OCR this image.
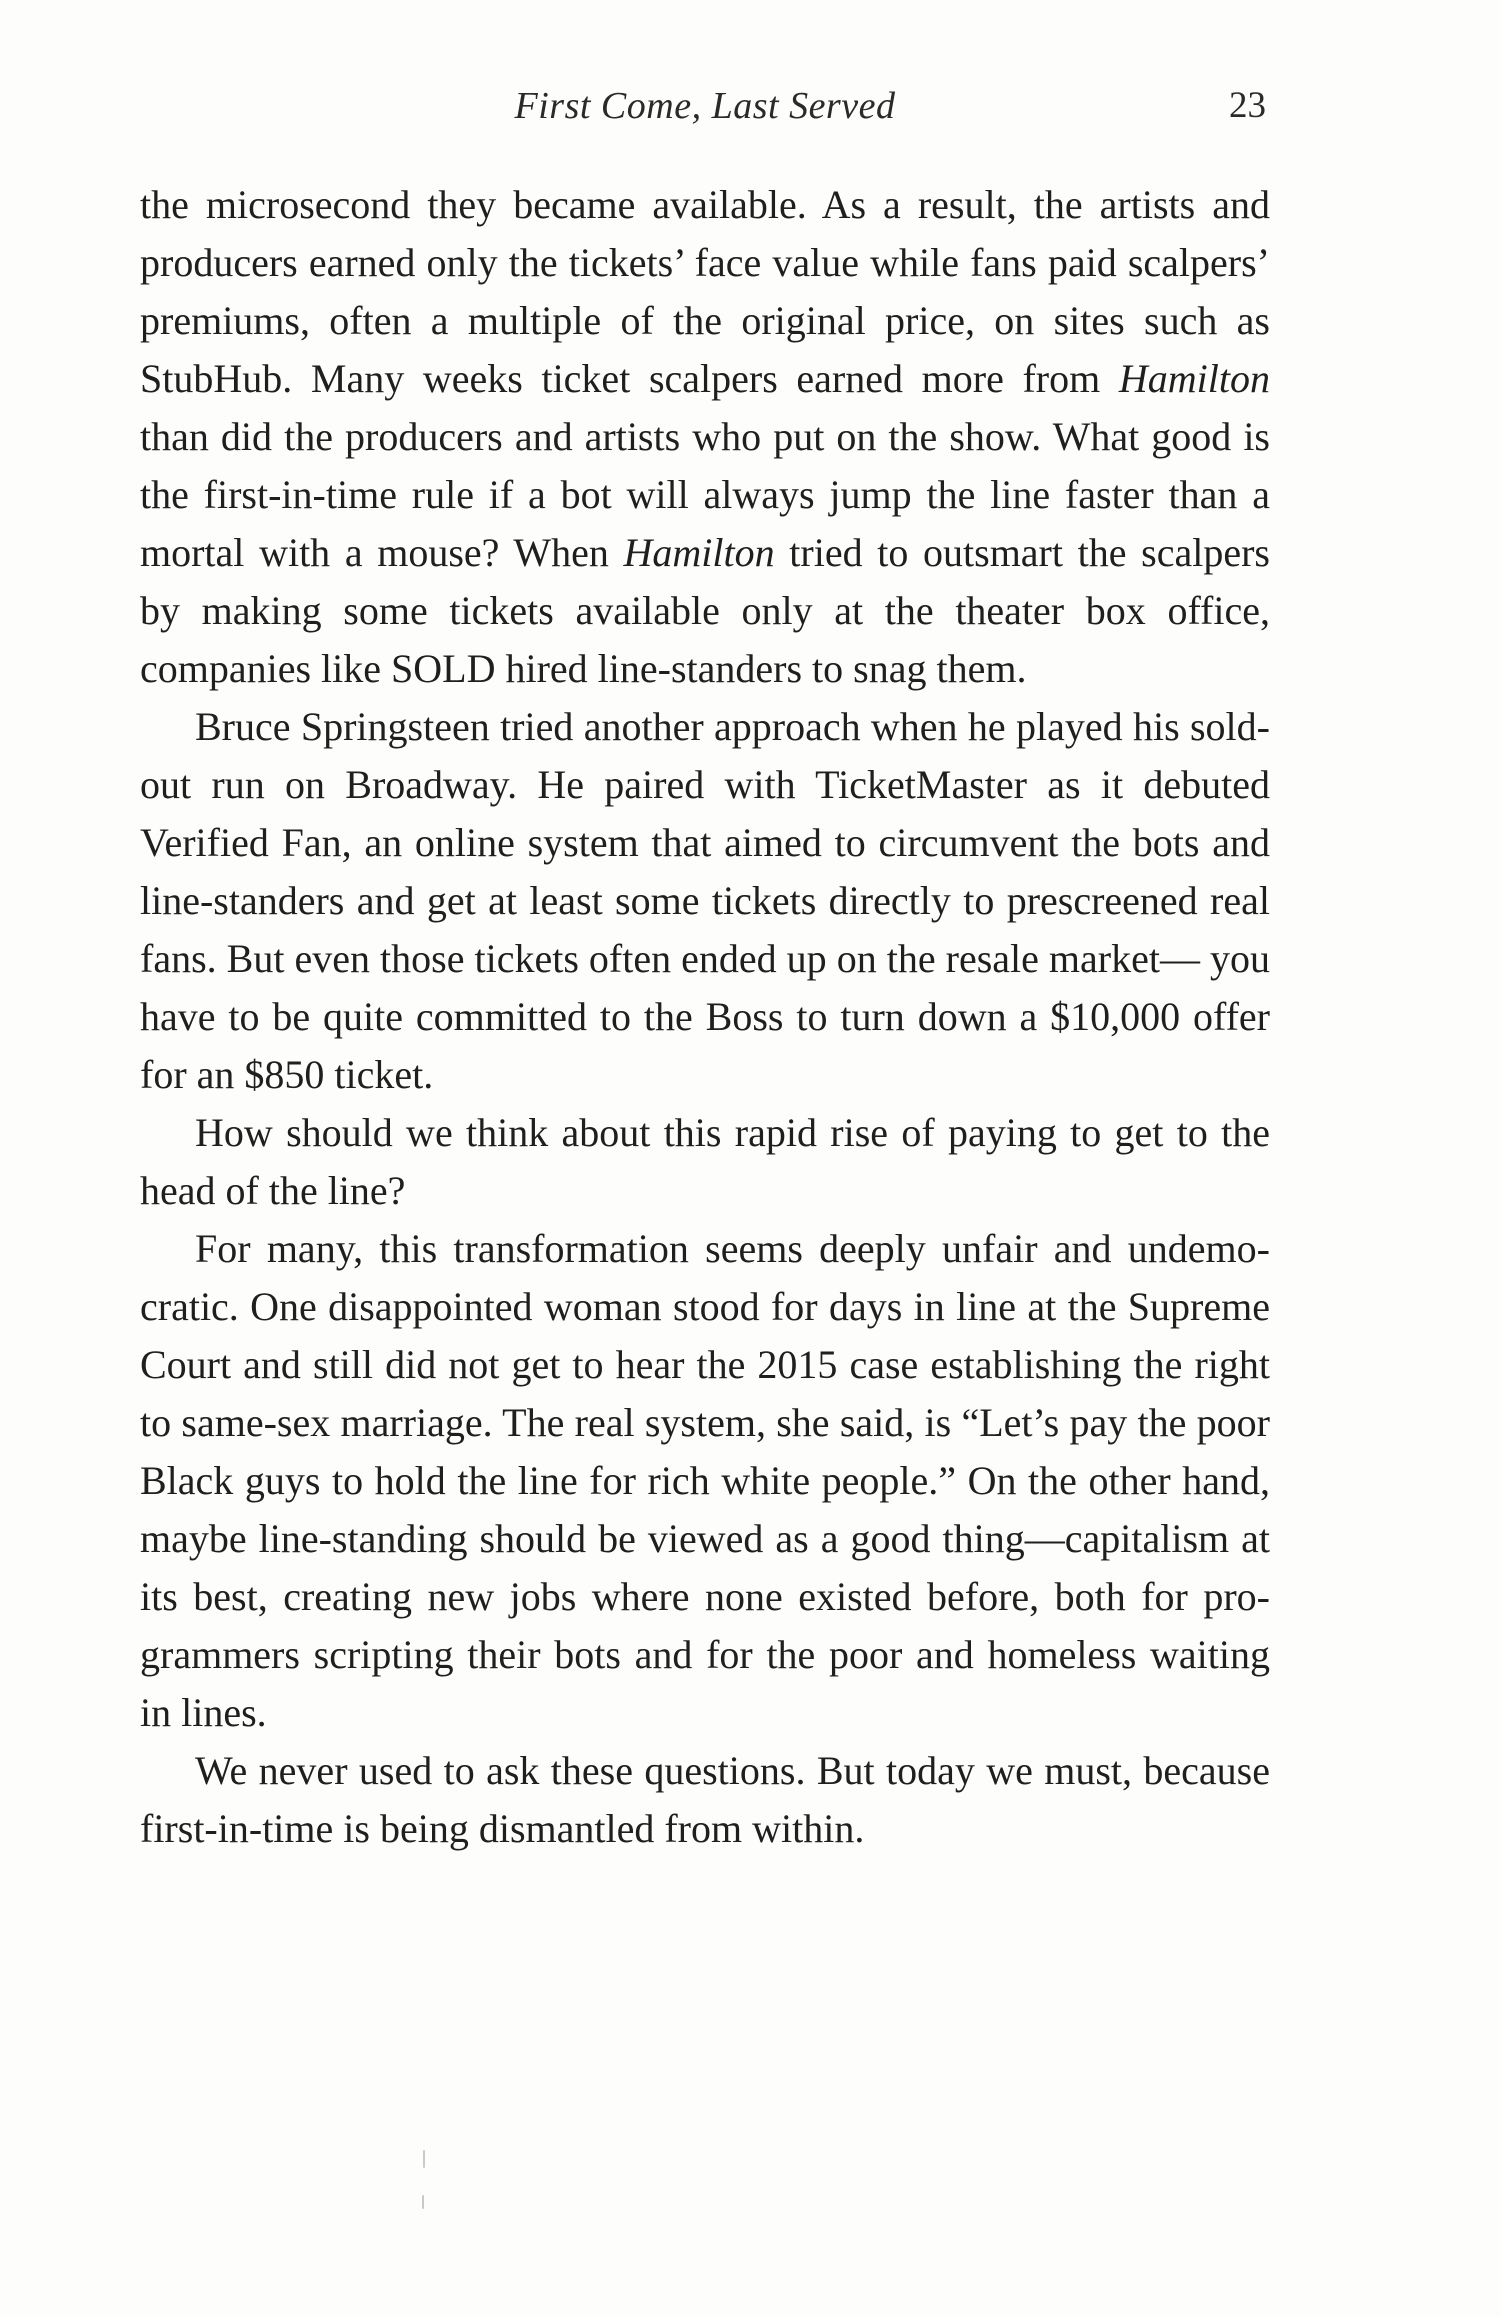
First Come, Last Served	23

the microsecond they became available. As a result, the artists and producers earned only the tickets’ face value while fans paid scalpers’ premiums, often a multiple of the original price, on sites such as StubHub. Many weeks ticket scalpers earned more from Hamilton than did the producers and artists who put on the show. What good is the first-in-time rule if a bot will always jump the line faster than a mortal with a mouse? When Hamilton tried to outsmart the scalpers by making some tickets available only at the theater box office, companies like SOLD hired line-standers to snag them.

Bruce Springsteen tried another approach when he played his sold-out run on Broadway. He paired with TicketMaster as it debuted Verified Fan, an online system that aimed to circumvent the bots and line-standers and get at least some tickets directly to prescreened real fans. But even those tickets often ended up on the resale market— you have to be quite committed to the Boss to turn down a $10,000 offer for an $850 ticket.

How should we think about this rapid rise of paying to get to the head of the line?

For many, this transformation seems deeply unfair and undemocratic. One disappointed woman stood for days in line at the Supreme Court and still did not get to hear the 2015 case establishing the right to same-sex marriage. The real system, she said, is “Let’s pay the poor Black guys to hold the line for rich white people.” On the other hand, maybe line-standing should be viewed as a good thing—capitalism at its best, creating new jobs where none existed before, both for programmers scripting their bots and for the poor and homeless waiting in lines.

We never used to ask these questions. But today we must, because first-in-time is being dismantled from within.
